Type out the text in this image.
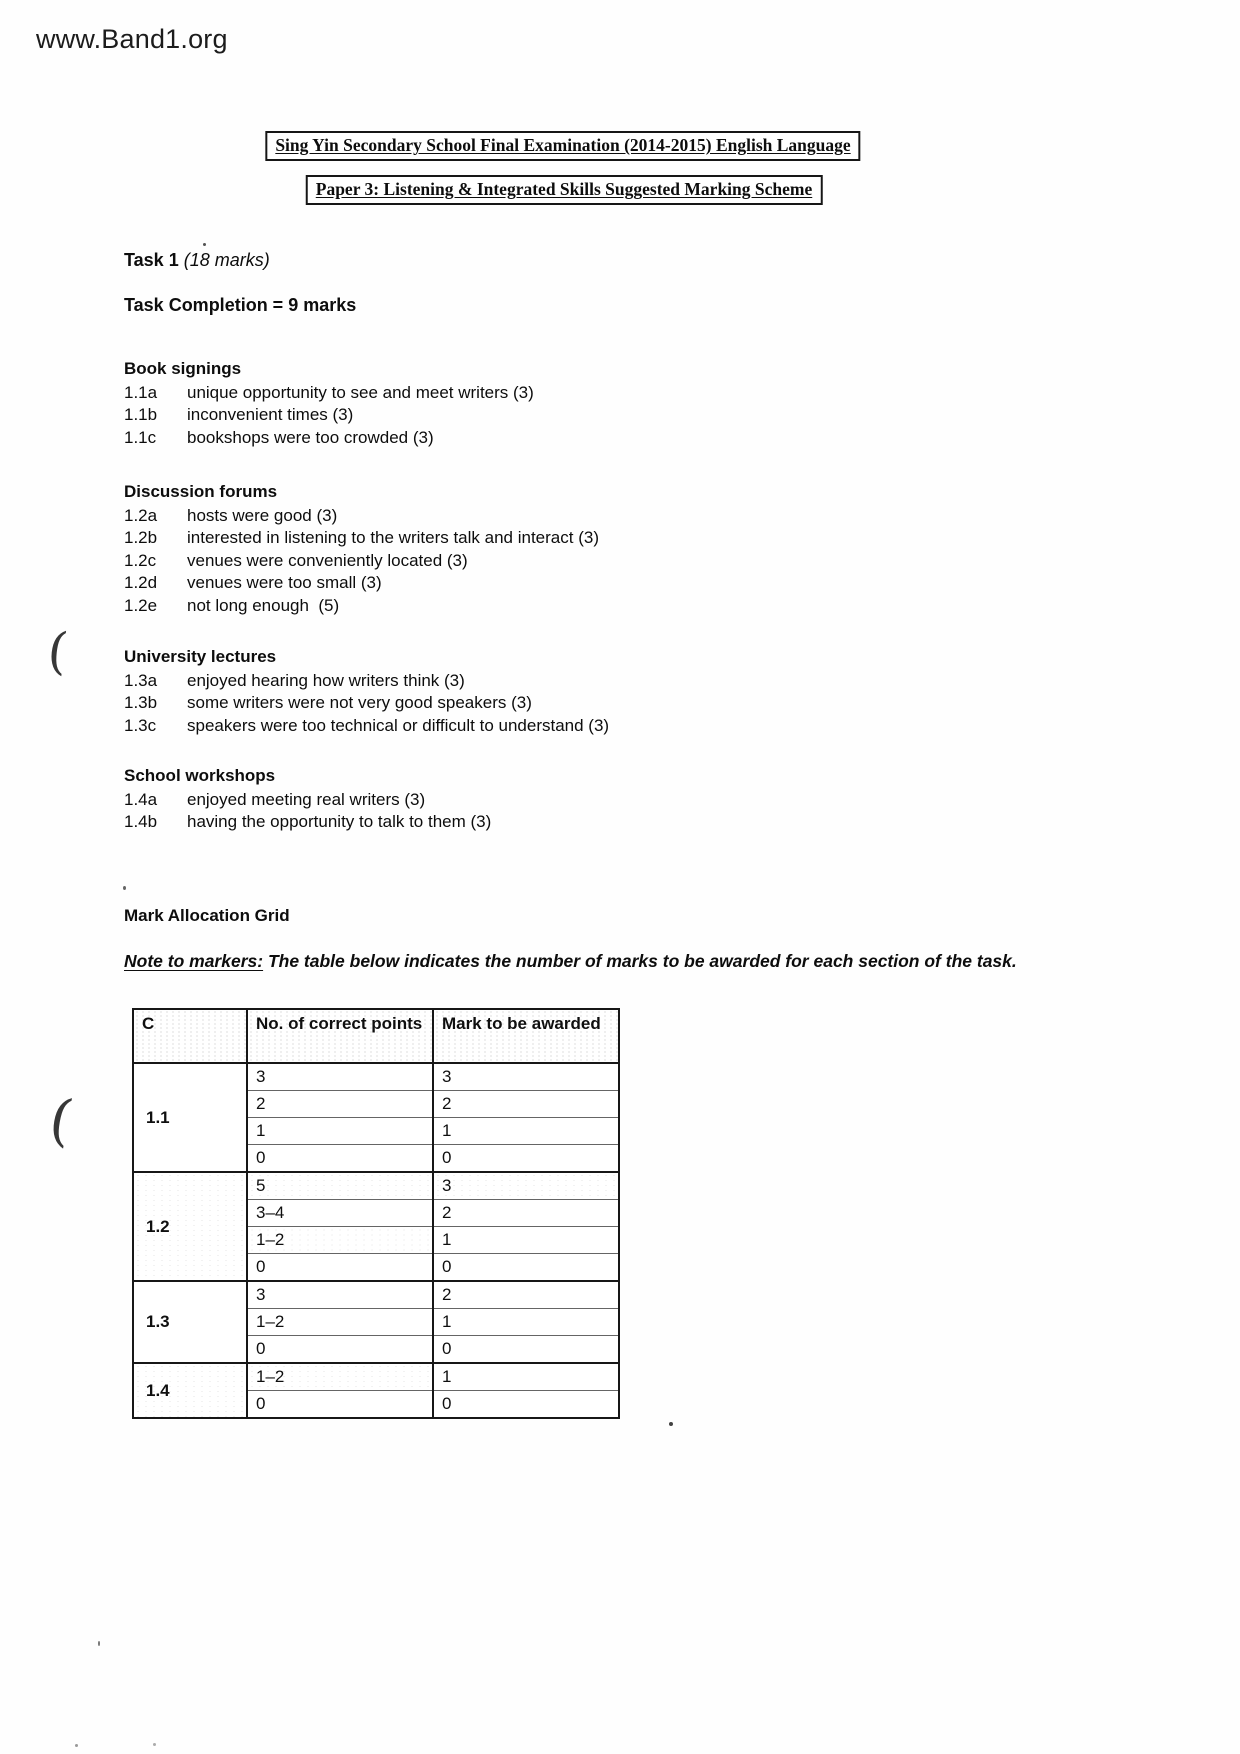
www.Band1.org
Sing Yin Secondary School Final Examination (2014-2015) English Language
Paper 3: Listening & Integrated Skills Suggested Marking Scheme
Task 1 (18 marks)
Task Completion = 9 marks
Book signings
1.1a	unique opportunity to see and meet writers (3)
1.1b	inconvenient times (3)
1.1c	bookshops were too crowded (3)
Discussion forums
1.2a	hosts were good (3)
1.2b	interested in listening to the writers talk and interact (3)
1.2c	venues were conveniently located (3)
1.2d	venues were too small (3)
1.2e	not long enough  (5)
University lectures
1.3a	enjoyed hearing how writers think (3)
1.3b	some writers were not very good speakers (3)
1.3c	speakers were too technical or difficult to understand (3)
School workshops
1.4a	enjoyed meeting real writers (3)
1.4b	having the opportunity to talk to them (3)
Mark Allocation Grid
Note to markers: The table below indicates the number of marks to be awarded for each section of the task.
C	No. of correct points	Mark to be awarded
1.1	3	3
	2	2
	1	1
	0	0
1.2	5	3
	3–4	2
	1–2	1
	0	0
1.3	3	2
	1–2	1
	0	0
1.4	1–2	1
	0	0
(
(
